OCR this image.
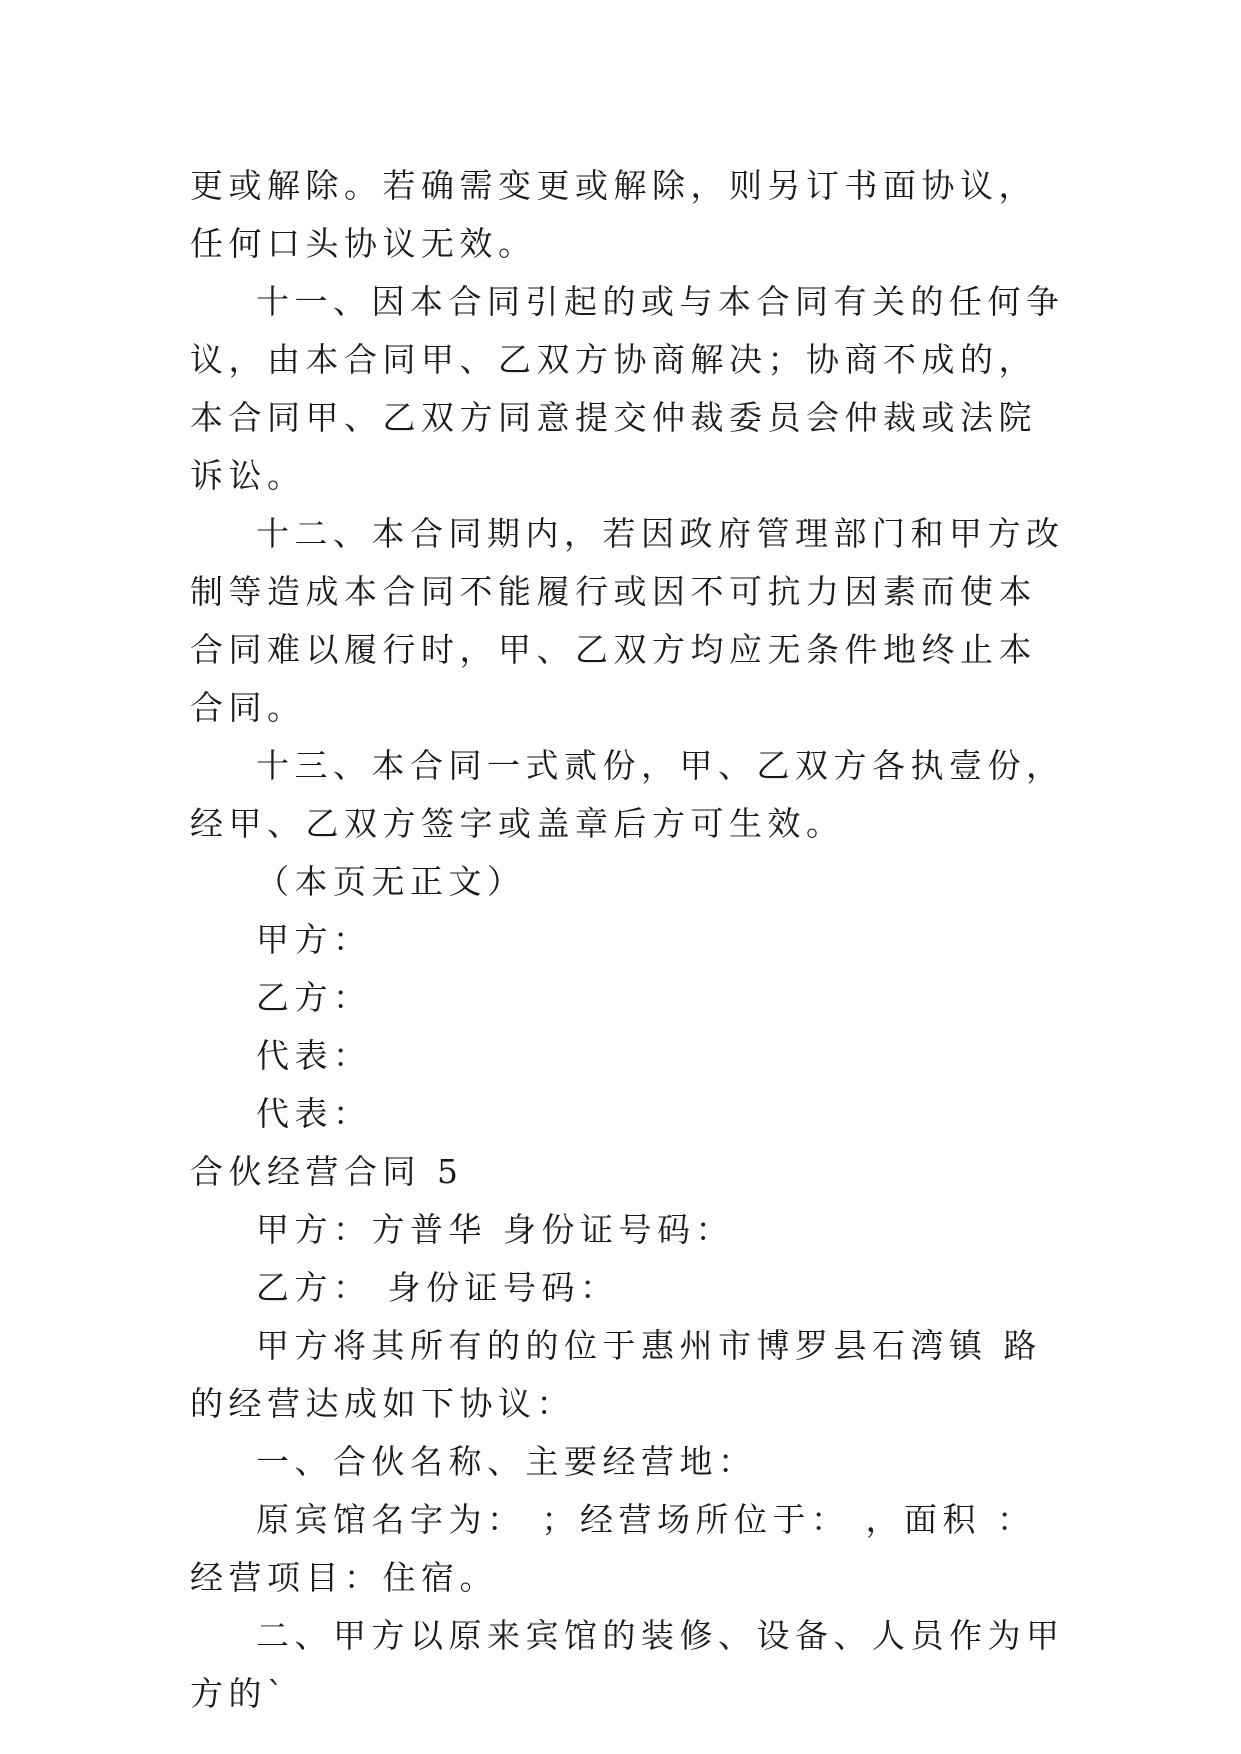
更或解除。若确需变更或解除，则另订书面协议，任何口头协议无效。

十一、因本合同引起的或与本合同有关的任何争议，由本合同甲、乙双方协商解决；协商不成的，本合同甲、乙双方同意提交仲裁委员会仲裁或法院诉讼。

十二、本合同期内，若因政府管理部门和甲方改制等造成本合同不能履行或因不可抗力因素而使本合同难以履行时，甲、乙双方均应无条件地终止本合同。

十三、本合同一式贰份，甲、乙双方各执壹份，经甲、乙双方签字或盖章后方可生效。

（本页无正文）

甲方：

乙方：

代表：

代表：

合伙经营合同 5

甲方：方普华 身份证号码：

乙方： 身份证号码：

甲方将其所有的的位于惠州市博罗县石湾镇 路的经营达成如下协议：

一、合伙名称、主要经营地：

原宾馆名字为： ；经营场所位于： ，面积 ： 经营项目：住宿。

二、甲方以原来宾馆的装修、设备、人员作为甲方的`
